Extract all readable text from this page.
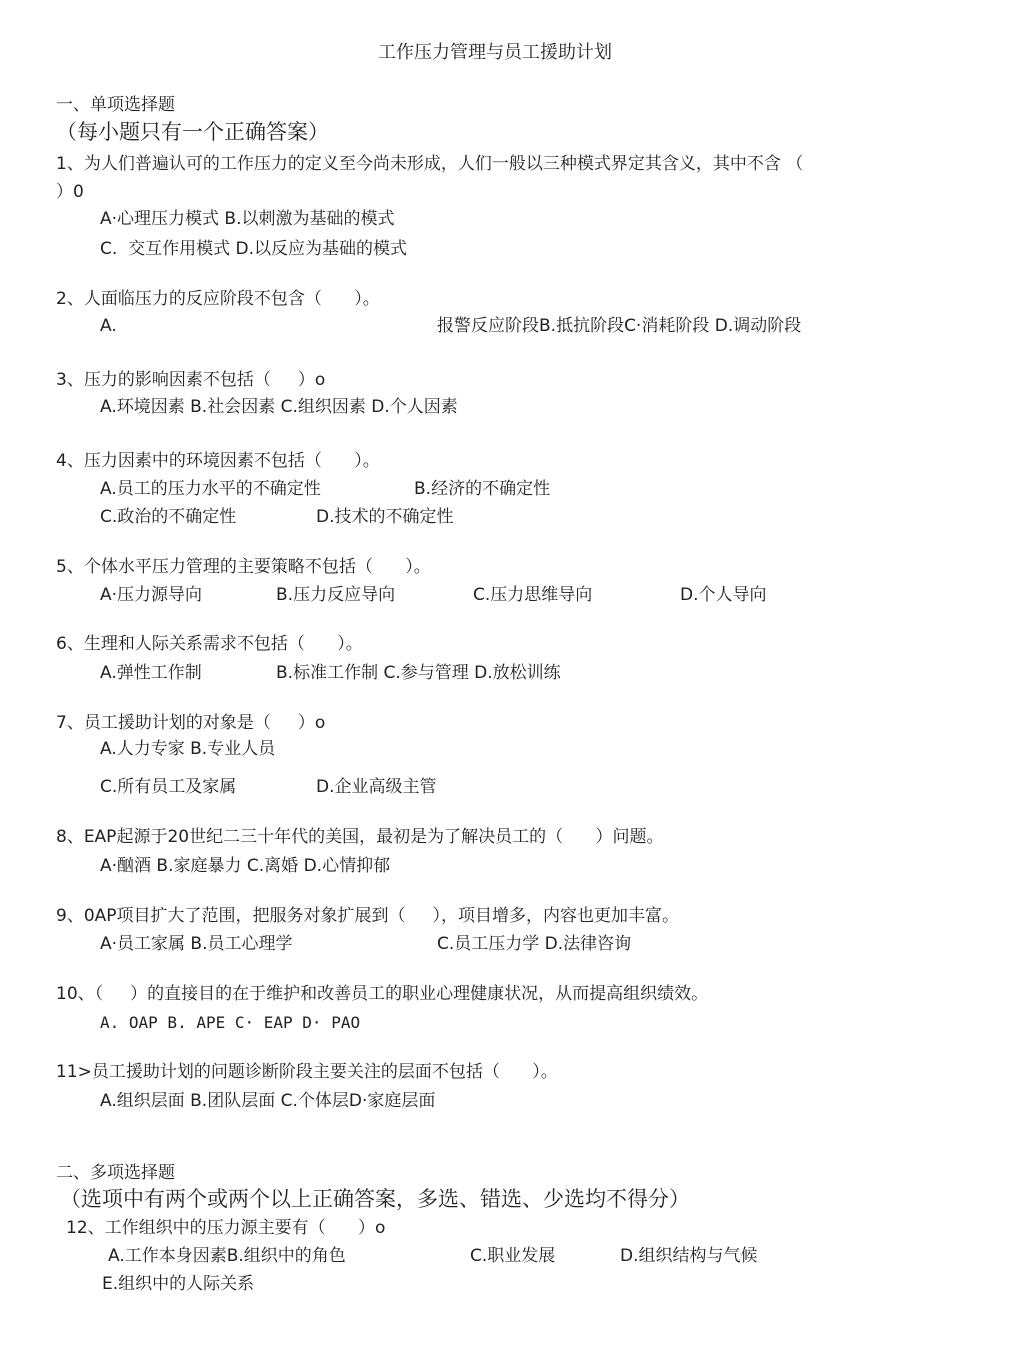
工作压力管理与员工援助计划
一、单项选择题
（每小题只有一个正确答案）
1、为人们普遍认可的工作压力的定义至今尚未形成，人们一般以三种模式界定其含义，其中不含 （
）0
A·心理压力模式 B.以刺激为基础的模式
C.  交互作用模式 D.以反应为基础的模式
2、人面临压力的反应阶段不包含（      ）。
A.	报警反应阶段B.抵抗阶段C·消耗阶段 D.调动阶段
3、压力的影响因素不包括（     ）o
A.环境因素 B.社会因素 C.组织因素 D.个人因素
4、压力因素中的环境因素不包括（      ）。
A.员工的压力水平的不确定性	B.经济的不确定性
C.政治的不确定性	D.技术的不确定性
5、个体水平压力管理的主要策略不包括（      ）。
A·压力源导向	B.压力反应导向	C.压力思维导向	D.个人导向
6、生理和人际关系需求不包括（      ）。
A.弹性工作制	B.标准工作制 C.参与管理 D.放松训练
7、员工援助计划的对象是（     ）o
A.人力专家 B.专业人员
C.所有员工及家属	D.企业高级主管
8、EAP起源于20世纪二三十年代的美国，最初是为了解决员工的（      ）问题。
A·酗酒 B.家庭暴力 C.离婚 D.心情抑郁
9、0AP项目扩大了范围，把服务对象扩展到（     ），项目增多，内容也更加丰富。
A·员工家属 B.员工心理学	C.员工压力学 D.法律咨询
10、（     ）的直接目的在于维护和改善员工的职业心理健康状况，从而提高组织绩效。
A. OAP B. APE C· EAP D· PAO
11>员工援助计划的问题诊断阶段主要关注的层面不包括（      ）。
A.组织层面 B.团队层面 C.个体层D·家庭层面
二、多项选择题
（选项中有两个或两个以上正确答案，多选、错选、少选均不得分）
12、工作组织中的压力源主要有（      ）o
A.工作本身因素B.组织中的角色	C.职业发展	D.组织结构与气候
E.组织中的人际关系
